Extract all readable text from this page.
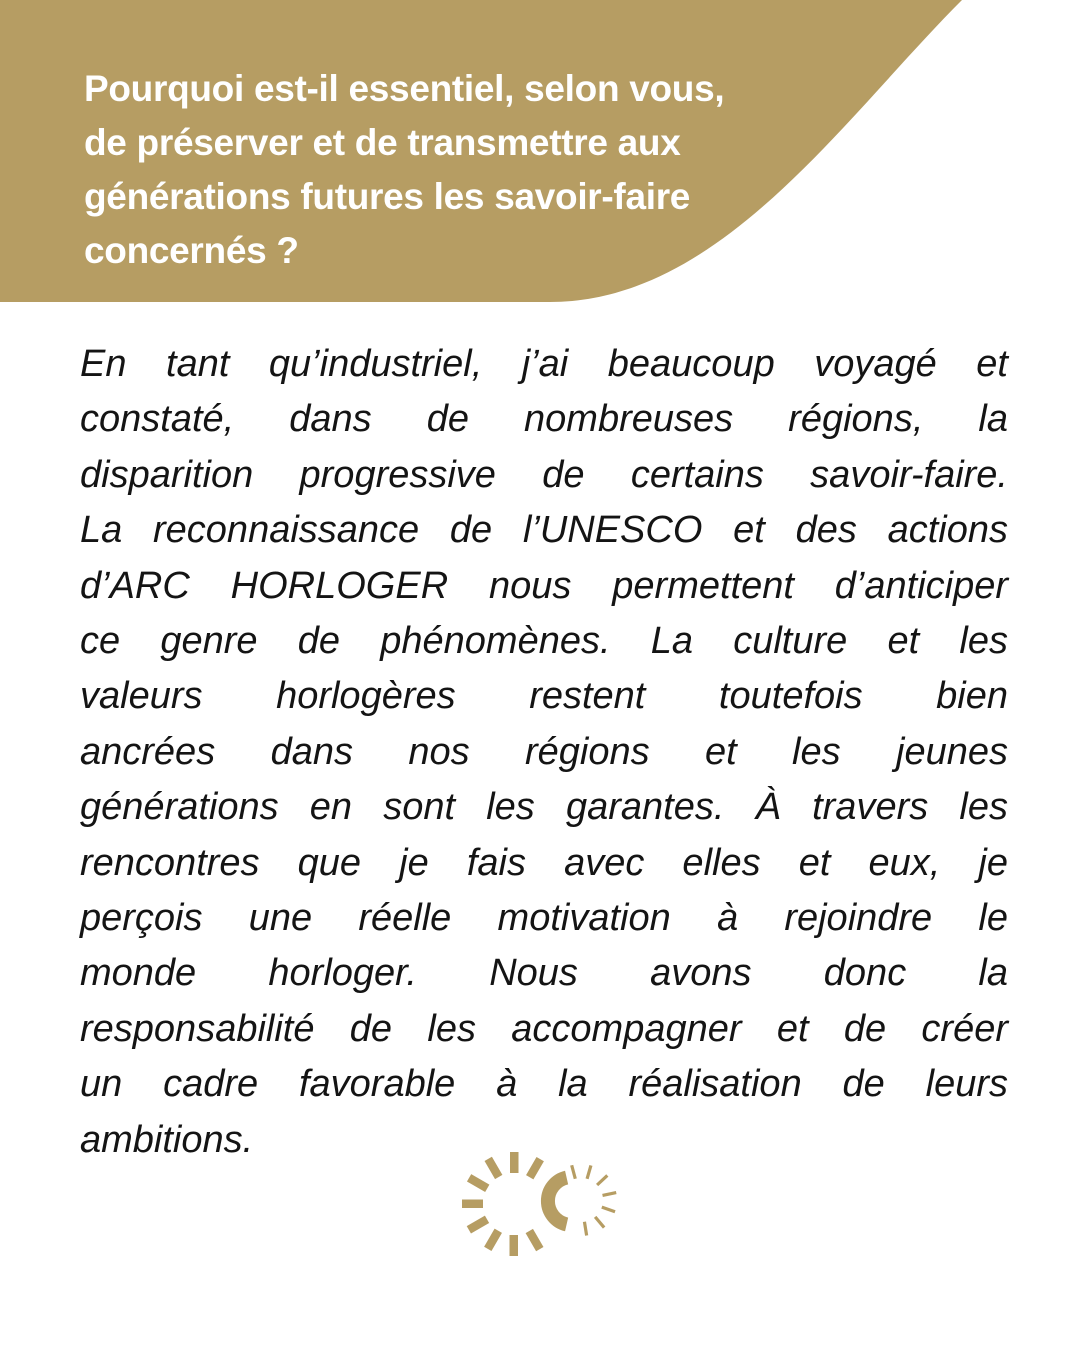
Pourquoi est-il essentiel, selon vous,
de préserver et de transmettre aux
générations futures les savoir-faire
concernés ?
En tant qu’industriel, j’ai beaucoup voyagé et
constaté, dans de nombreuses régions, la
disparition progressive de certains savoir-faire.
La reconnaissance de l’UNESCO et des actions
d’ARC HORLOGER nous permettent d’anticiper
ce genre de phénomènes. La culture et les
valeurs horlogères restent toutefois bien
ancrées dans nos régions et les jeunes
générations en sont les garantes. À travers les
rencontres que je fais avec elles et eux, je
perçois une réelle motivation à rejoindre le
monde horloger. Nous avons donc la
responsabilité de les accompagner et de créer
un cadre favorable à la réalisation de leurs
ambitions.
